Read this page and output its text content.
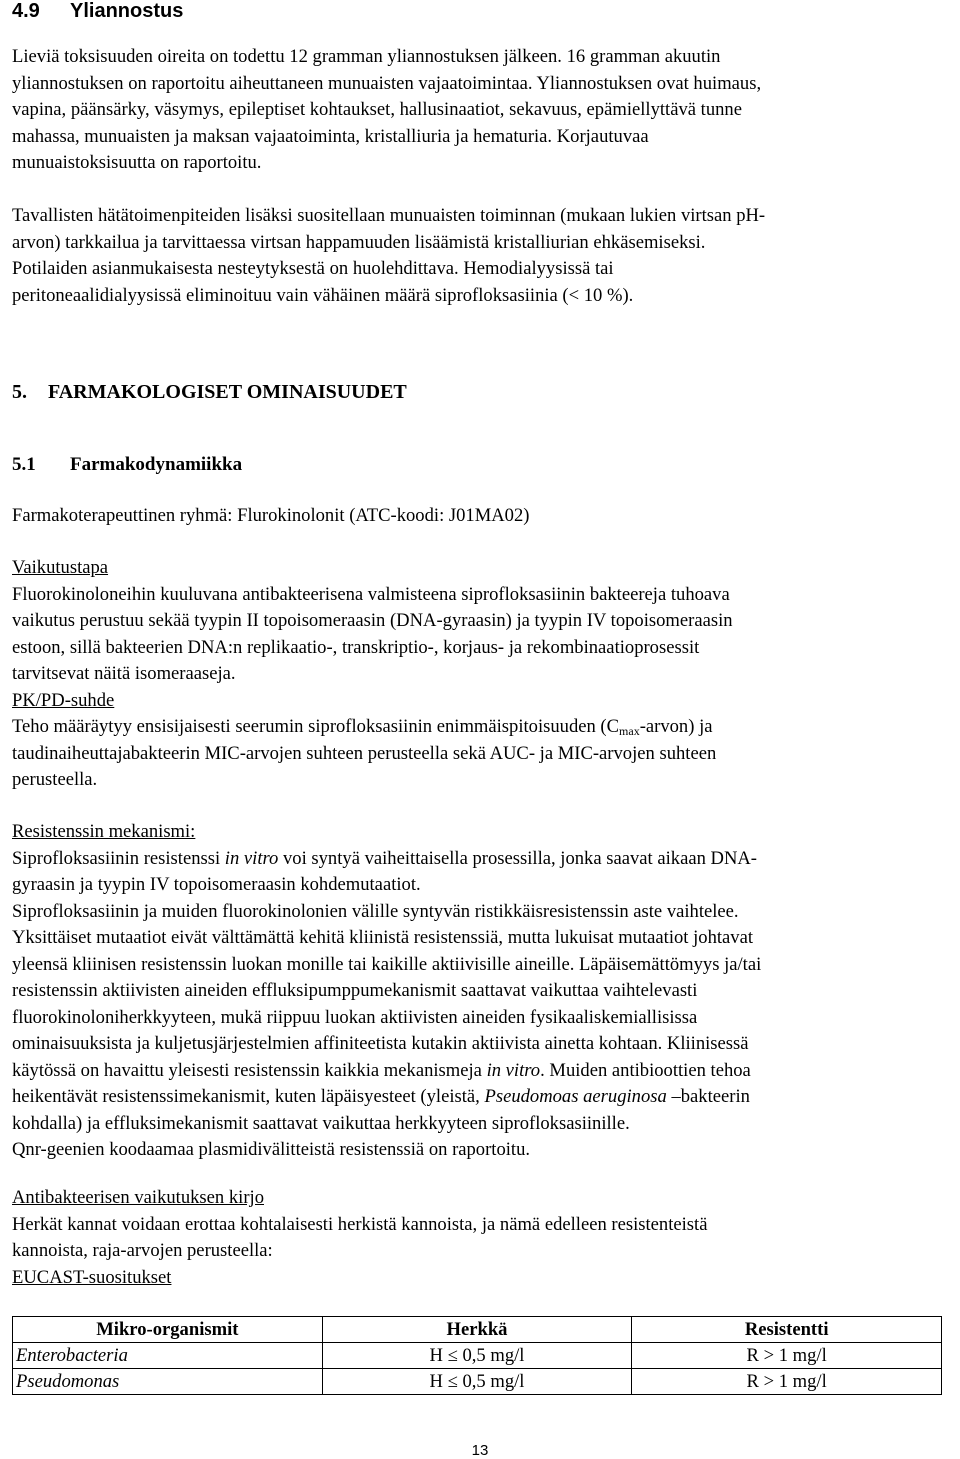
4.9 Yliannostus

Lieviä toksisuuden oireita on todettu 12 gramman yliannostuksen jälkeen. 16 gramman akuutin
yliannostuksen on raportoitu aiheuttaneen munuaisten vajaatoimintaa. Yliannostuksen ovat huimaus,
vapina, päänsärky, väsymys, epileptiset kohtaukset, hallusinaatiot, sekavuus, epämiellyttävä tunne
mahassa, munuaisten ja maksan vajaatoiminta, kristalliuria ja hematuria. Korjautuvaa
munuaistoksisuutta on raportoitu.

Tavallisten hätätoimenpiteiden lisäksi suositellaan munuaisten toiminnan (mukaan lukien virtsan pH-
arvon) tarkkailua ja tarvittaessa virtsan happamuuden lisäämistä kristalliurian ehkäsemiseksi.
Potilaiden asianmukaisesta nesteytyksestä on huolehdittava. Hemodialyysissä tai
peritoneaalidialyysissä eliminoituu vain vähäinen määrä siprofloksasiinia (< 10 %).

5. FARMAKOLOGISET OMINAISUUDET
5.1 Farmakodynamiikka

Farmakoterapeuttinen ryhmä: Flurokinolonit (ATC-koodi: J01MA02)

Vaikutustapa
Fluorokinoloneihin kuuluvana antibakteerisena valmisteena siprofloksasiinin bakteereja tuhoava
vaikutus perustuu sekää tyypin II topoisomeraasin (DNA-gyraasin) ja tyypin IV topoisomeraasin
estoon, sillä bakteerien DNA:n replikaatio-, transkriptio-, korjaus- ja rekombinaatioprosessit
tarvitsevat näitä isomeraaseja.
PK/PD-suhde
Teho määräytyy ensisijaisesti seerumin siprofloksasiinin enimmäispitoisuuden $(C_{max}-arvon)$ ja
taudinaiheuttajabakteerin MIC-arvojen suhteen perusteella sekä AUC- ja MIC-arvojen suhteen
perusteella.

Resistenssin mekanismi:
Siprofloksasiinin resistenssi in vitro voi syntyä vaiheittaisella prosessilla, jonka saavat aikaan DNA-
gyraasin ja tyypin IV topoisomeraasin kohdemutaatiot.
Siprofloksasiinin ja muiden fluorokinolonien välille syntyvän ristikkäisresistenssin aste vaihtelee.
Yksittäiset mutaatiot eivät välttämättä kehitä kliinistä resistenssiä, mutta lukuisat mutaatiot johtavat
yleensä kliinisen resistenssin luokan monille tai kaikille aktiivisille aineille. Läpäisemättömyys ja/tai
resistenssin aktiivisten aineiden effluksipumppumekanismit saattavat vaikuttaa vaihtelevasti
fluorokinoloniherkkyyteen, mukä riippuu luokan aktiivisten aineiden fysikaaliskemiallisissa
ominaisuuksista ja kuljetusjärjestelmien affiniteetista kutakin aktiivista ainetta kohtaan. Kliinisessä
käytössä on havaittu yleisesti resistenssin kaikkia mekanismeja in vitro. Muiden antibioottien tehoa
heikentävät resistenssimekanismit, kuten läpäisyesteet (yleistä, Pseudomoas aeruginosa –bakteerin
kohdalla) ja effluksimekanismit saattavat vaikuttaa herkkyyteen siprofloksasiinille.
Qnr-geenien koodaamaa plasmidivälitteistä resistenssiä on raportoitu.

Antibakteerisen vaikutuksen kirjo
Herkät kannat voidaan erottaa kohtalaisesti herkistä kannoista, ja nämä edelleen resistenteistä
kannoista, raja-arvojen perusteella:
EUCAST-suositukset

Mikro-organismit	Herkkä	Resistentti
Enterobacteria	H ≤ 0,5 mg/l	R > 1 mg/l
Pseudomonas	H ≤ 0,5 mg/l	R > 1 mg/l
13
